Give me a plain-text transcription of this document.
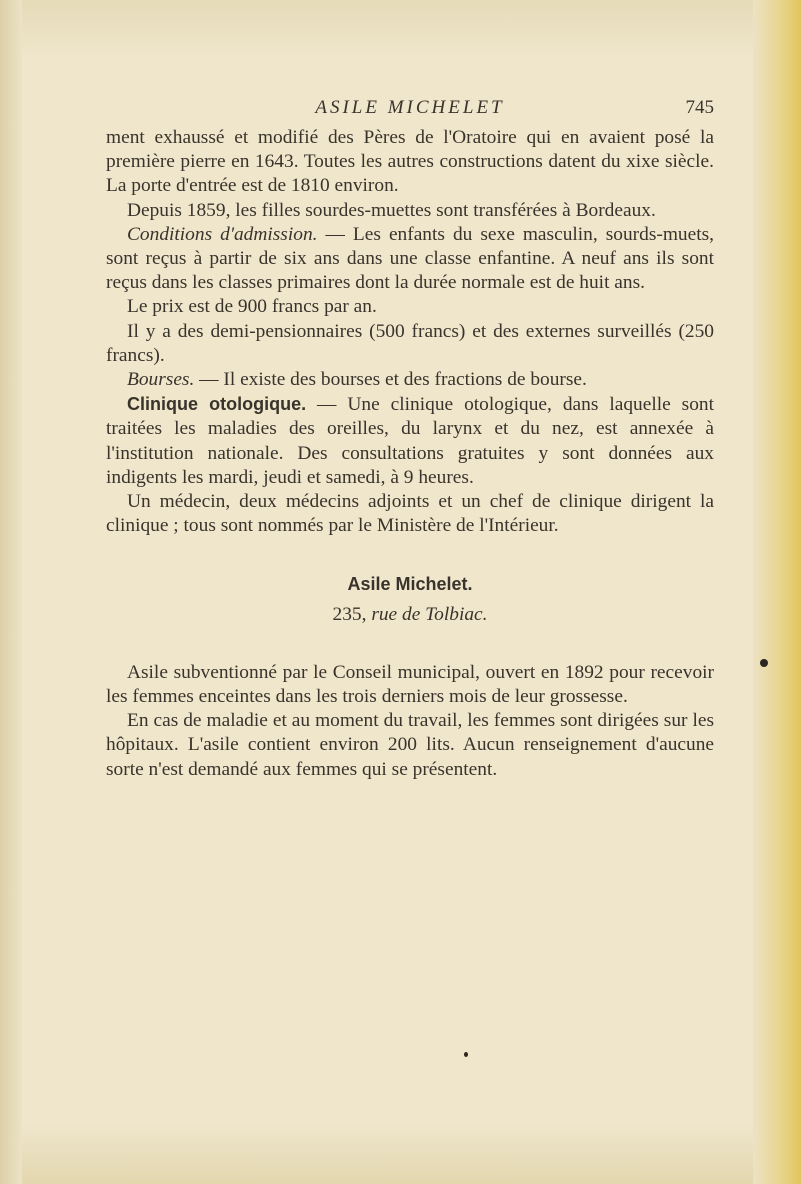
ASILE MICHELET	745

ment exhaussé et modifié des Pères de l'Oratoire qui en avaient posé la première pierre en 1643. Toutes les autres constructions datent du xixe siècle. La porte d'entrée est de 1810 environ.

Depuis 1859, les filles sourdes-muettes sont transférées à Bordeaux.

Conditions d'admission. — Les enfants du sexe masculin, sourds-muets, sont reçus à partir de six ans dans une classe enfantine. A neuf ans ils sont reçus dans les classes primaires dont la durée normale est de huit ans.

Le prix est de 900 francs par an.

Il y a des demi-pensionnaires (500 francs) et des externes surveillés (250 francs).

Bourses. — Il existe des bourses et des fractions de bourse.

Clinique otologique. — Une clinique otologique, dans laquelle sont traitées les maladies des oreilles, du larynx et du nez, est annexée à l'institution nationale. Des consultations gratuites y sont données aux indigents les mardi, jeudi et samedi, à 9 heures.

Un médecin, deux médecins adjoints et un chef de clinique dirigent la clinique ; tous sont nommés par le Ministère de l'Intérieur.

Asile Michelet.
235, rue de Tolbiac.

Asile subventionné par le Conseil municipal, ouvert en 1892 pour recevoir les femmes enceintes dans les trois derniers mois de leur grossesse.

En cas de maladie et au moment du travail, les femmes sont dirigées sur les hôpitaux. L'asile contient environ 200 lits. Aucun renseignement d'aucune sorte n'est demandé aux femmes qui se présentent.
